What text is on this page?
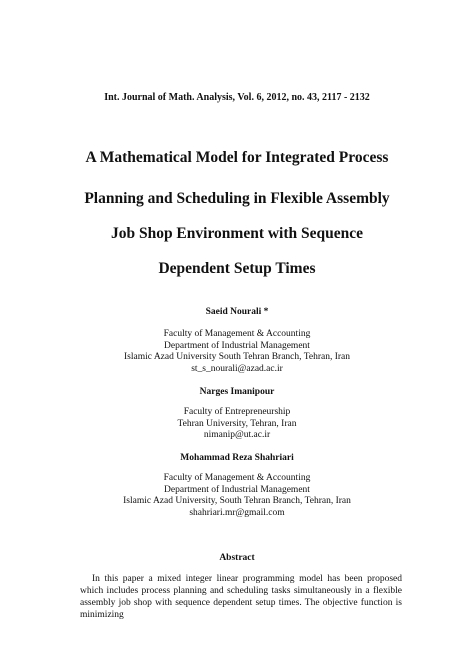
Int. Journal of Math. Analysis, Vol. 6, 2012, no. 43, 2117 - 2132
A Mathematical Model for Integrated Process
Planning and Scheduling in Flexible Assembly
Job Shop Environment with Sequence
Dependent Setup Times
Saeid Nourali *
Faculty of Management & Accounting
Department of Industrial Management
Islamic Azad University South Tehran Branch, Tehran, Iran
st_s_nourali@azad.ac.ir
Narges Imanipour
Faculty of Entrepreneurship
Tehran University, Tehran, Iran
nimanip@ut.ac.ir
Mohammad Reza Shahriari
Faculty of Management & Accounting
Department of Industrial Management
Islamic Azad University, South Tehran Branch, Tehran, Iran
shahriari.mr@gmail.com
Abstract
In this paper a mixed integer linear programming model has been proposed which includes process planning and scheduling tasks simultaneously in a flexible assembly job shop with sequence dependent setup times. The objective function is minimizing
